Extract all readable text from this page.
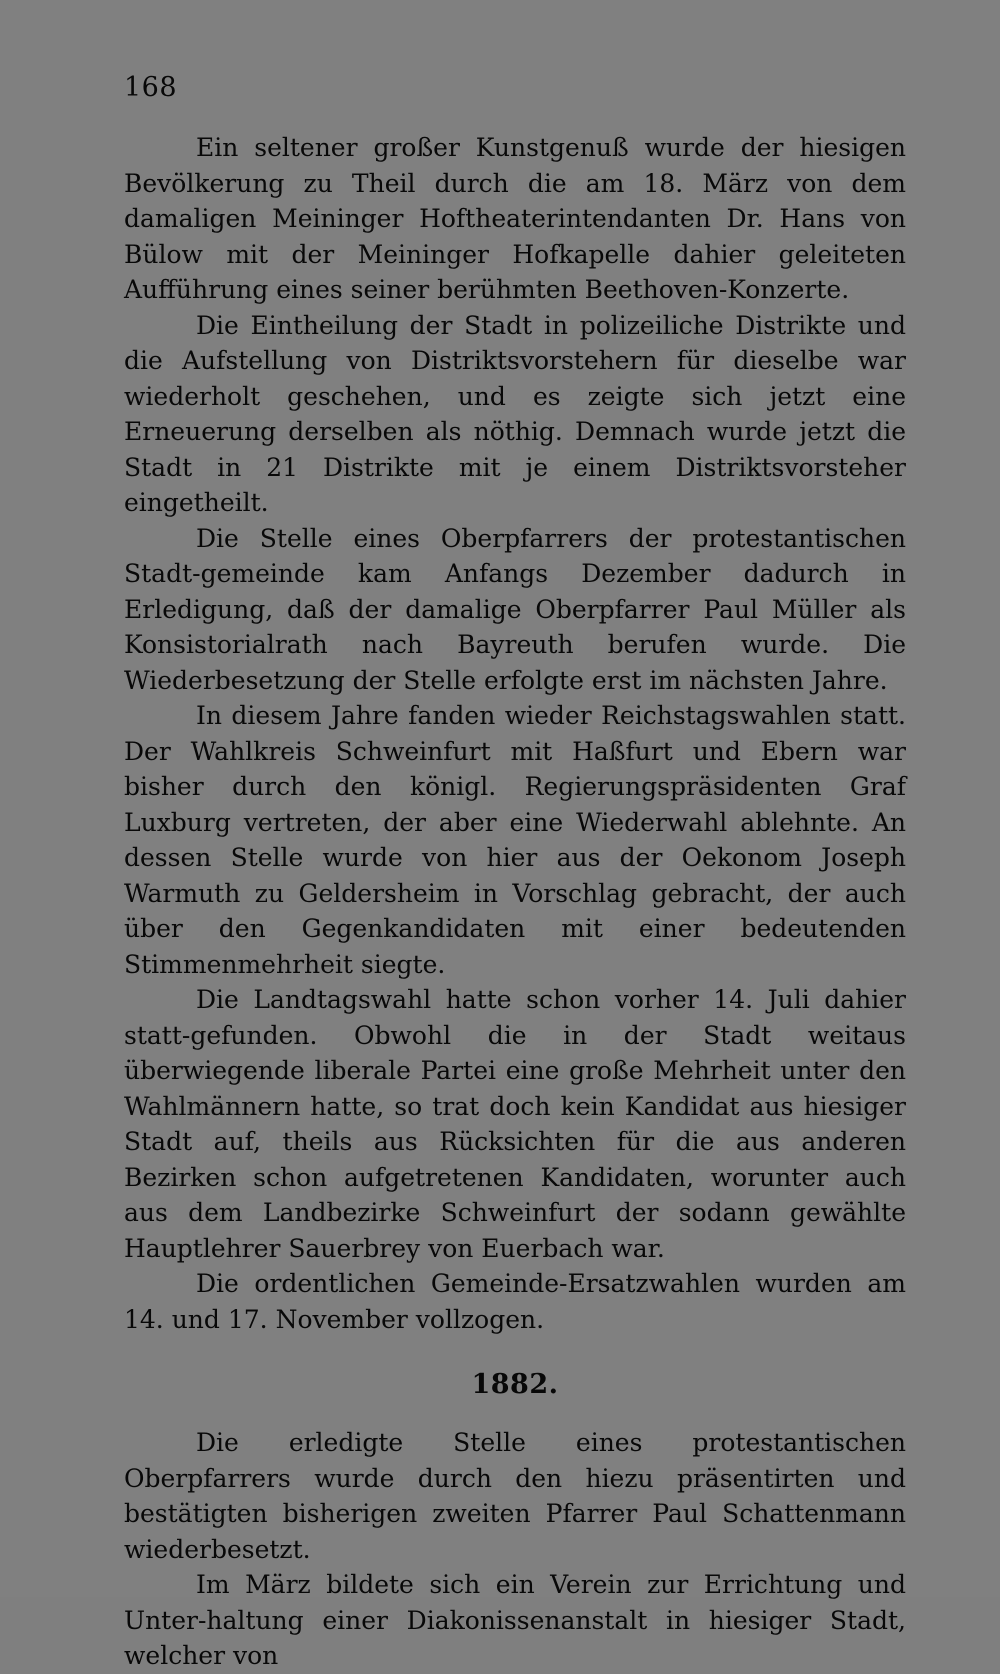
168

Ein seltener großer Kunstgenuß wurde der hiesigen Bevölkerung zu Theil durch die am 18. März von dem damaligen Meininger Hoftheaterintendanten Dr. Hans von Bülow mit der Meininger Hofkapelle dahier geleiteten Aufführung eines seiner berühmten Beethoven-Konzerte.

Die Eintheilung der Stadt in polizeiliche Distrikte und die Aufstellung von Distriktsvorstehern für dieselbe war wiederholt geschehen, und es zeigte sich jetzt eine Erneuerung derselben als nöthig. Demnach wurde jetzt die Stadt in 21 Distrikte mit je einem Distriktsvorsteher eingetheilt.

Die Stelle eines Oberpfarrers der protestantischen Stadt-gemeinde kam Anfangs Dezember dadurch in Erledigung, daß der damalige Oberpfarrer Paul Müller als Konsistorialrath nach Bayreuth berufen wurde. Die Wiederbesetzung der Stelle erfolgte erst im nächsten Jahre.

In diesem Jahre fanden wieder Reichstagswahlen statt. Der Wahlkreis Schweinfurt mit Haßfurt und Ebern war bisher durch den königl. Regierungspräsidenten Graf Luxburg vertreten, der aber eine Wiederwahl ablehnte. An dessen Stelle wurde von hier aus der Oekonom Joseph Warmuth zu Geldersheim in Vorschlag gebracht, der auch über den Gegenkandidaten mit einer bedeutenden Stimmenmehrheit siegte.

Die Landtagswahl hatte schon vorher 14. Juli dahier statt-gefunden. Obwohl die in der Stadt weitaus überwiegende liberale Partei eine große Mehrheit unter den Wahlmännern hatte, so trat doch kein Kandidat aus hiesiger Stadt auf, theils aus Rücksichten für die aus anderen Bezirken schon aufgetretenen Kandidaten, worunter auch aus dem Landbezirke Schweinfurt der sodann gewählte Hauptlehrer Sauerbrey von Euerbach war.

Die ordentlichen Gemeinde-Ersatzwahlen wurden am 14. und 17. November vollzogen.

1882.

Die erledigte Stelle eines protestantischen Oberpfarrers wurde durch den hiezu präsentirten und bestätigten bisherigen zweiten Pfarrer Paul Schattenmann wiederbesetzt.

Im März bildete sich ein Verein zur Errichtung und Unter-haltung einer Diakonissenanstalt in hiesiger Stadt, welcher von
